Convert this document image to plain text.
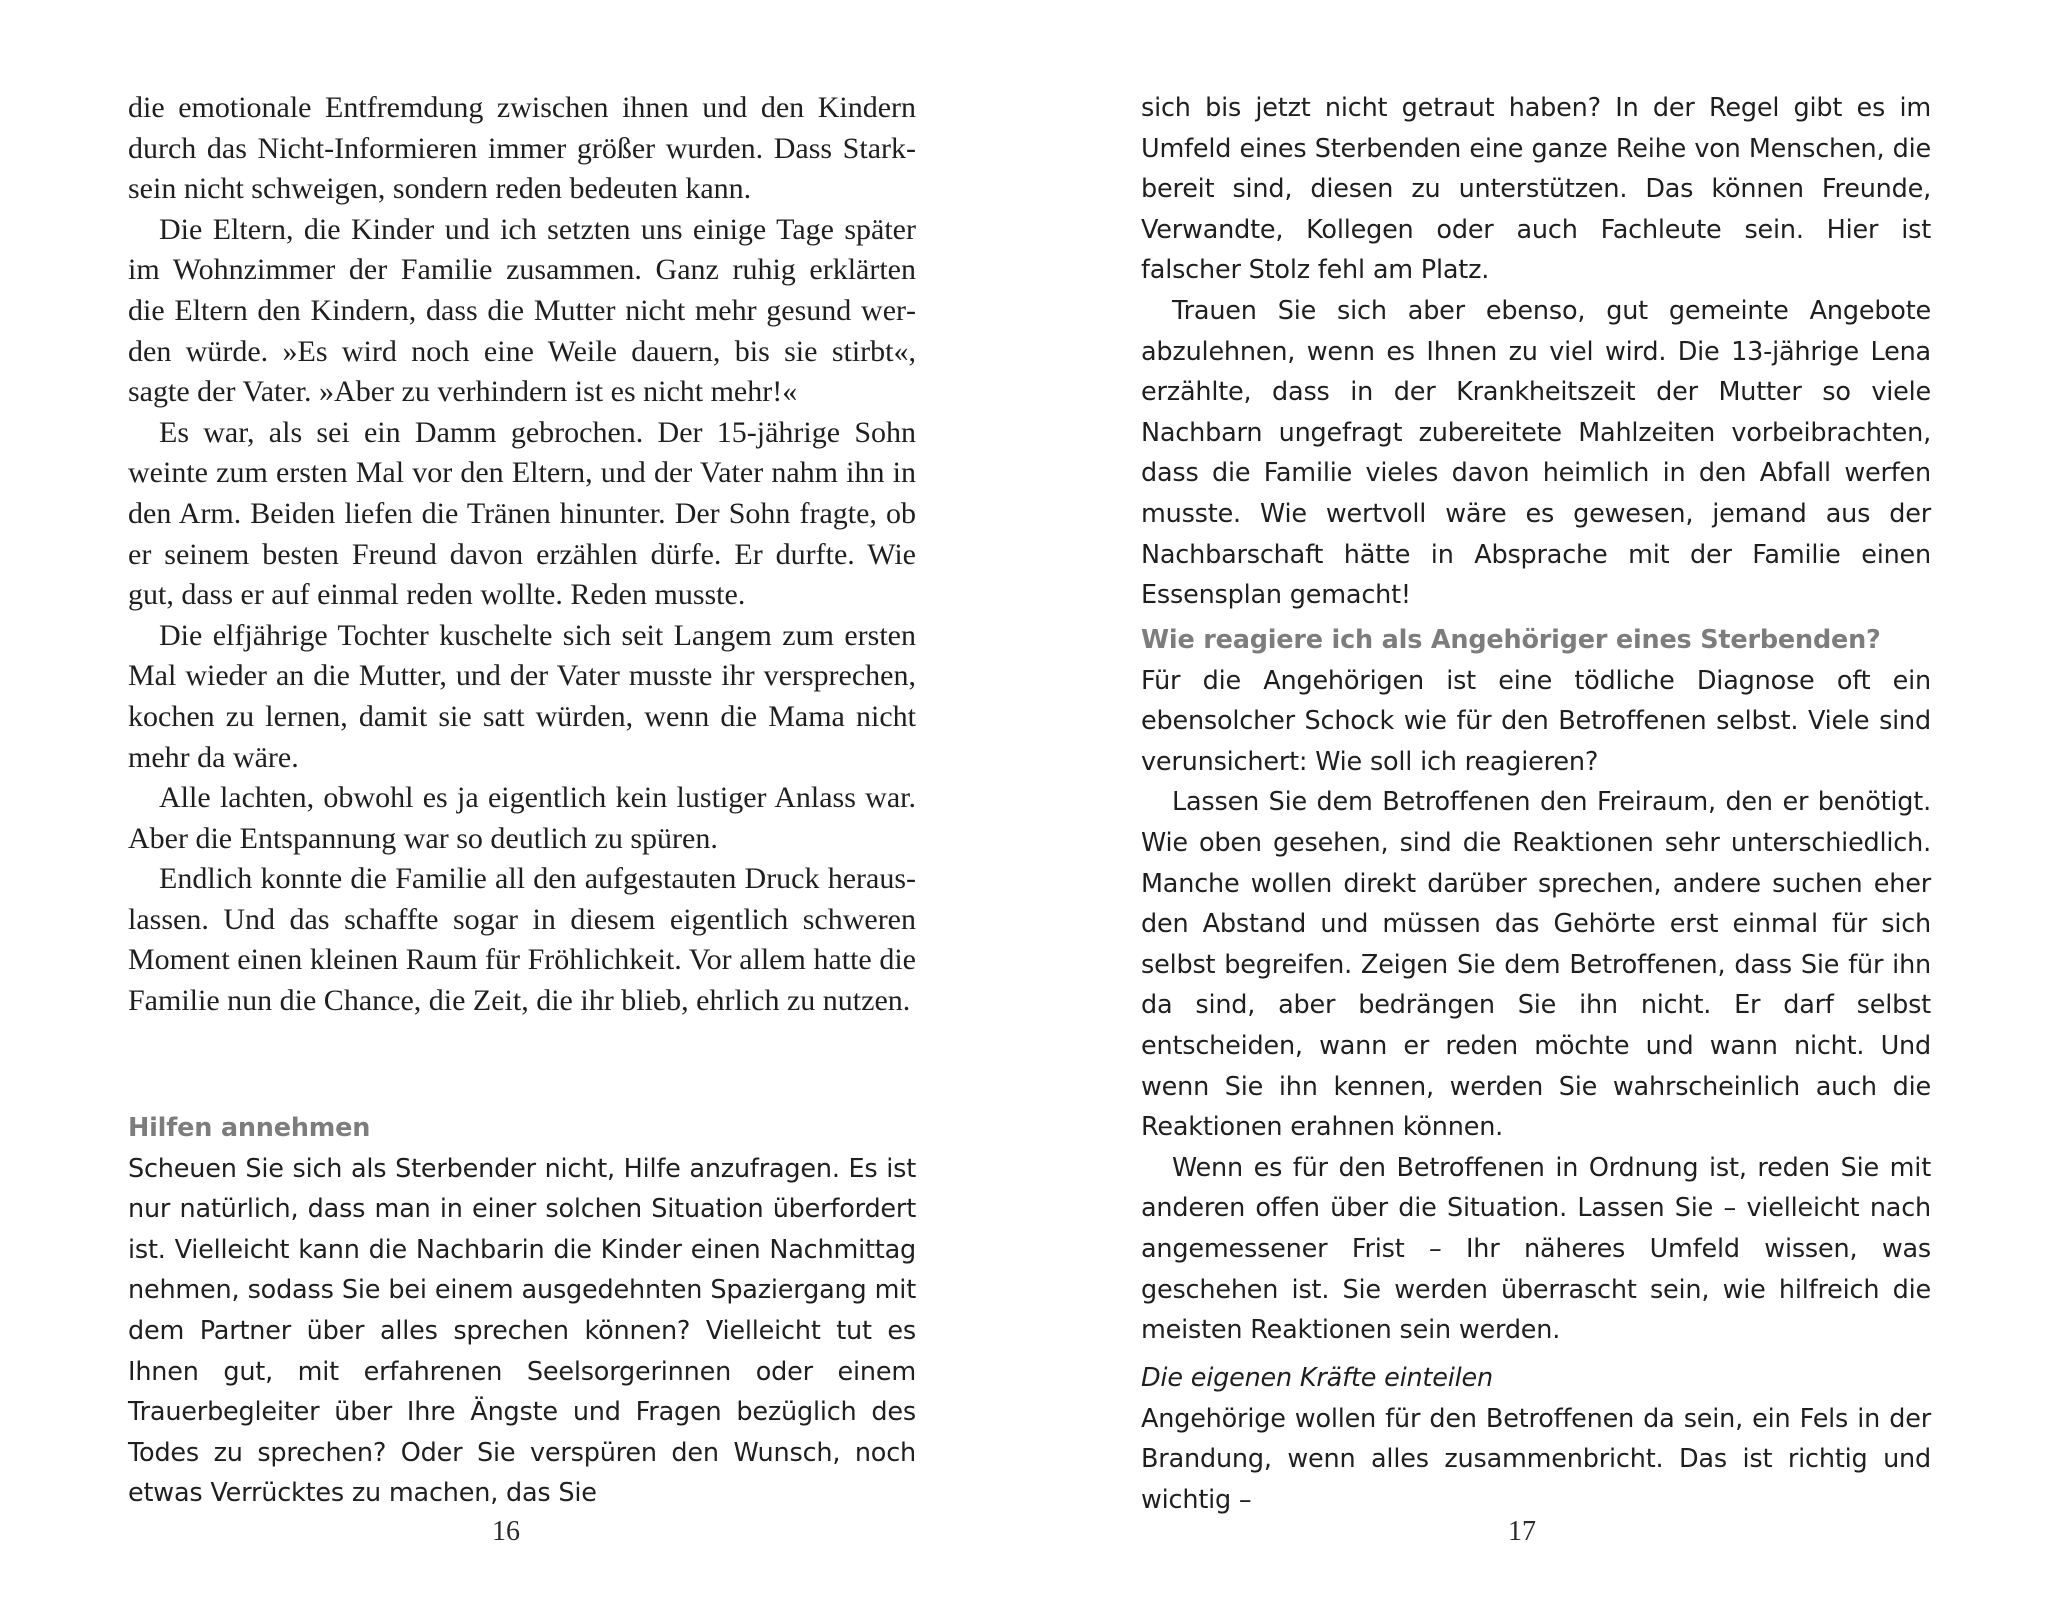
die emotionale Entfremdung zwischen ihnen und den Kindern durch das Nicht-Informieren immer größer wurden. Dass Starksein nicht schweigen, sondern reden bedeuten kann.

Die Eltern, die Kinder und ich setzten uns einige Tage später im Wohnzimmer der Familie zusammen. Ganz ruhig erklärten die Eltern den Kindern, dass die Mutter nicht mehr gesund werden würde. »Es wird noch eine Weile dauern, bis sie stirbt«, sagte der Vater. »Aber zu verhindern ist es nicht mehr!«

Es war, als sei ein Damm gebrochen. Der 15-jährige Sohn weinte zum ersten Mal vor den Eltern, und der Vater nahm ihn in den Arm. Beiden liefen die Tränen hinunter. Der Sohn fragte, ob er seinem besten Freund davon erzählen dürfe. Er durfte. Wie gut, dass er auf einmal reden wollte. Reden musste.

Die elfjährige Tochter kuschelte sich seit Langem zum ersten Mal wieder an die Mutter, und der Vater musste ihr versprechen, kochen zu lernen, damit sie satt würden, wenn die Mama nicht mehr da wäre.

Alle lachten, obwohl es ja eigentlich kein lustiger Anlass war. Aber die Entspannung war so deutlich zu spüren.

Endlich konnte die Familie all den aufgestauten Druck herauslassen. Und das schaffte sogar in diesem eigentlich schweren Moment einen kleinen Raum für Fröhlichkeit. Vor allem hatte die Familie nun die Chance, die Zeit, die ihr blieb, ehrlich zu nutzen.

Hilfen annehmen

Scheuen Sie sich als Sterbender nicht, Hilfe anzufragen. Es ist nur natürlich, dass man in einer solchen Situation überfordert ist. Vielleicht kann die Nachbarin die Kinder einen Nachmittag nehmen, sodass Sie bei einem ausgedehnten Spaziergang mit dem Partner über alles sprechen können? Vielleicht tut es Ihnen gut, mit erfahrenen Seelsorgerinnen oder einem Trauerbegleiter über Ihre Ängste und Fragen bezüglich des Todes zu sprechen? Oder Sie verspüren den Wunsch, noch etwas Verrücktes zu machen, das Sie

16

sich bis jetzt nicht getraut haben? In der Regel gibt es im Umfeld eines Sterbenden eine ganze Reihe von Menschen, die bereit sind, diesen zu unterstützen. Das können Freunde, Verwandte, Kollegen oder auch Fachleute sein. Hier ist falscher Stolz fehl am Platz.

Trauen Sie sich aber ebenso, gut gemeinte Angebote abzulehnen, wenn es Ihnen zu viel wird. Die 13-jährige Lena erzählte, dass in der Krankheitszeit der Mutter so viele Nachbarn ungefragt zubereitete Mahlzeiten vorbeibrachten, dass die Familie vieles davon heimlich in den Abfall werfen musste. Wie wertvoll wäre es gewesen, jemand aus der Nachbarschaft hätte in Absprache mit der Familie einen Essensplan gemacht!

Wie reagiere ich als Angehöriger eines Sterbenden?

Für die Angehörigen ist eine tödliche Diagnose oft ein ebensolcher Schock wie für den Betroffenen selbst. Viele sind verunsichert: Wie soll ich reagieren?

Lassen Sie dem Betroffenen den Freiraum, den er benötigt. Wie oben gesehen, sind die Reaktionen sehr unterschiedlich. Manche wollen direkt darüber sprechen, andere suchen eher den Abstand und müssen das Gehörte erst einmal für sich selbst begreifen. Zeigen Sie dem Betroffenen, dass Sie für ihn da sind, aber bedrängen Sie ihn nicht. Er darf selbst entscheiden, wann er reden möchte und wann nicht. Und wenn Sie ihn kennen, werden Sie wahrscheinlich auch die Reaktionen erahnen können.

Wenn es für den Betroffenen in Ordnung ist, reden Sie mit anderen offen über die Situation. Lassen Sie – vielleicht nach angemessener Frist – Ihr näheres Umfeld wissen, was geschehen ist. Sie werden überrascht sein, wie hilfreich die meisten Reaktionen sein werden.

Die eigenen Kräfte einteilen

Angehörige wollen für den Betroffenen da sein, ein Fels in der Brandung, wenn alles zusammenbricht. Das ist richtig und wichtig –

17
